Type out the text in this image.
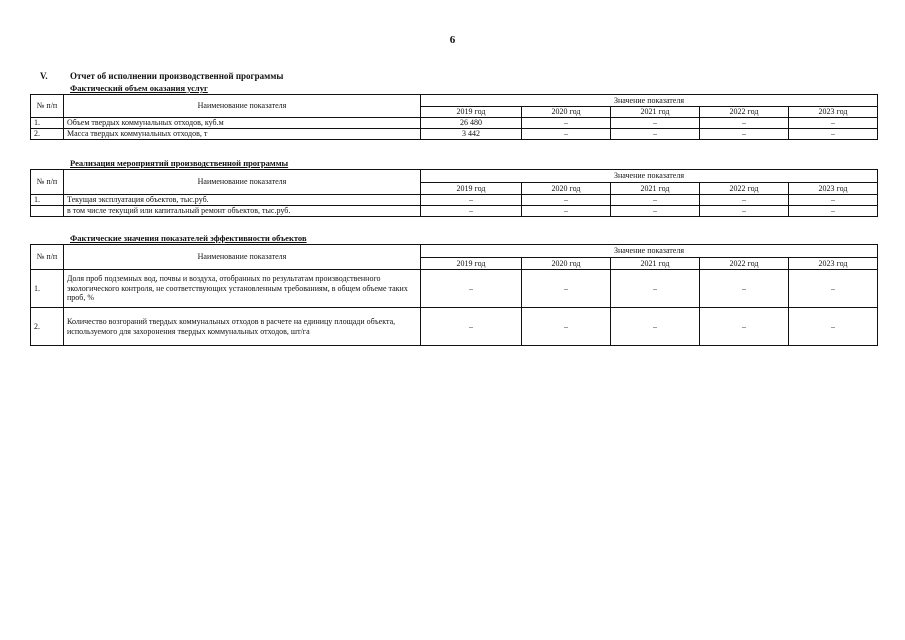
6
V. Отчет об исполнении производственной программы
Фактический объем оказания услуг
№ п/п	Наименование показателя	Значение показателя				
		2019 год	2020 год	2021 год	2022 год	2023 год
1.	Объем твердых коммунальных отходов, куб.м	26 480	–	–	–	–
2.	Масса твердых коммунальных отходов, т	3 442	–	–	–	–
Реализация мероприятий производственной программы
№ п/п	Наименование показателя	Значение показателя				
		2019 год	2020 год	2021 год	2022 год	2023 год
1.	Текущая эксплуатация объектов, тыс.руб.	–	–	–	–	–
	в том числе текущий или капитальный ремонт объектов, тыс.руб.	–	–	–	–	–
Фактические значения показателей эффективности объектов
№ п/п	Наименование показателя	Значение показателя				
		2019 год	2020 год	2021 год	2022 год	2023 год
1.	Доля проб подземных вод, почвы и воздуха, отобранных по результатам производственного экологического контроля, не соответствующих установленным требованиям, в общем объеме таких проб, %	–	–	–	–	–
2.	Количество возгораний твердых коммунальных отходов в расчете на единицу площади объекта, используемого для захоронения твердых коммунальных отходов, шт/га	–	–	–	–	–
